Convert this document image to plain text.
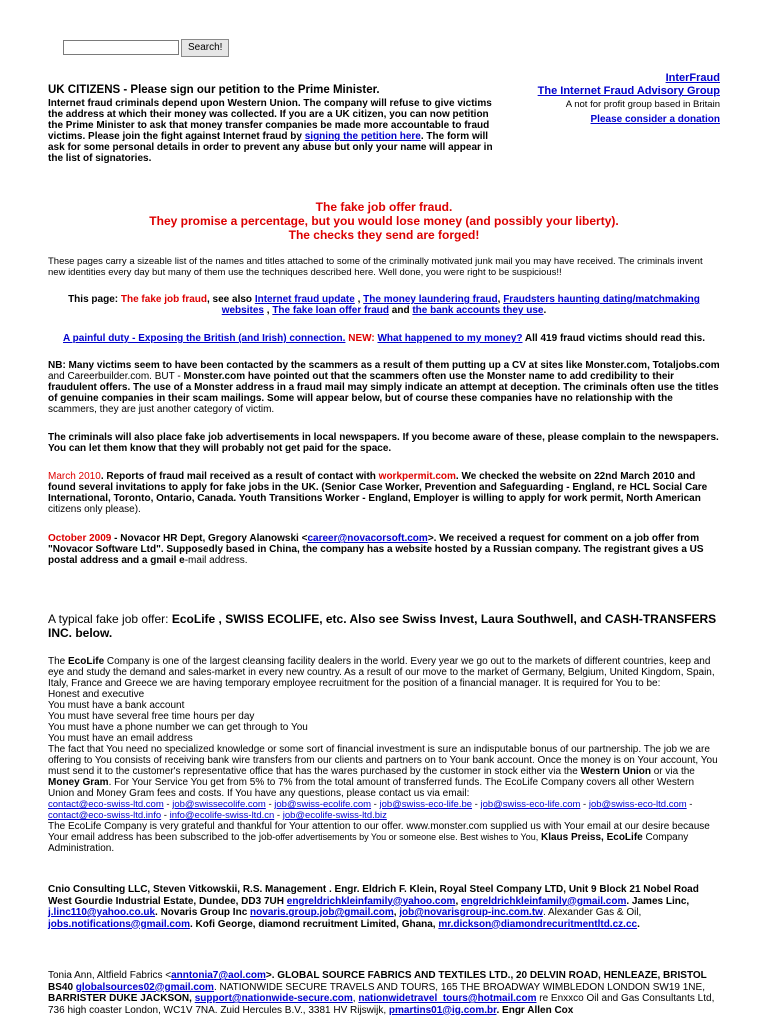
Search!
UK CITIZENS - Please sign our petition to the Prime Minister.
Internet fraud criminals depend upon Western Union. The company will refuse to give victims the address at which their money was collected. If you are a UK citizen, you can now petition the Prime Minister to ask that money transfer companies be made more accountable to fraud victims. Please join the fight against Internet fraud by signing the petition here. The form will ask for some personal details in order to prevent any abuse but only your name will appear in the list of signatories.
InterFraud
The Internet Fraud Advisory Group
A not for profit group based in Britain
Please consider a donation
The fake job offer fraud.
They promise a percentage, but you would lose money (and possibly your liberty).
The checks they send are forged!
These pages carry a sizeable list of the names and titles attached to some of the criminally motivated junk mail you may have received. The criminals invent new identities every day but many of them use the techniques described here. Well done, you were right to be suspicious!!
This page: The fake job fraud, see also Internet fraud update , The money laundering fraud, Fraudsters haunting dating/matchmaking websites , The fake loan offer fraud and the bank accounts they use.
A painful duty - Exposing the British (and Irish) connection. NEW: What happened to my money? All 419 fraud victims should read this.
NB: Many victims seem to have been contacted by the scammers as a result of them putting up a CV at sites like Monster.com, Totaljobs.com and Careerbuilder.com. BUT - Monster.com have pointed out that the scammers often use the Monster name to add credibility to their fraudulent offers. The use of a Monster address in a fraud mail may simply indicate an attempt at deception. The criminals often use the titles of genuine companies in their scam mailings. Some will appear below, but of course these companies have no relationship with the scammers, they are just another category of victim.
The criminals will also place fake job advertisements in local newspapers. If you become aware of these, please complain to the newspapers. You can let them know that they will probably not get paid for the space.
March 2010. Reports of fraud mail received as a result of contact with workpermit.com. We checked the website on 22nd March 2010 and found several invitations to apply for fake jobs in the UK. (Senior Case Worker, Prevention and Safeguarding - England, re HCL Social Care International, Toronto, Ontario, Canada. Youth Transitions Worker - England, Employer is willing to apply for work permit, North American citizens only please).
October 2009 - Novacor HR Dept, Gregory Alanowski <career@novacorsoft.com>. We received a request for comment on a job offer from "Novacor Software Ltd". Supposedly based in China, the company has a website hosted by a Russian company. The registrant gives a US postal address and a gmail e-mail address.
A typical fake job offer: EcoLife , SWISS ECOLIFE, etc. Also see Swiss Invest, Laura Southwell, and CASH-TRANSFERS INC. below.
The EcoLife Company is one of the largest cleansing facility dealers in the world. Every year we go out to the markets of different countries, keep and eye and study the demand and sales-market in every new country. As a result of our move to the market of Germany, Belgium, United Kingdom, Spain, Italy, France and Greece we are having temporary employee recruitment for the position of a financial manager. It is required for You to be:
Honest and executive
You must have a bank account
You must have several free time hours per day
You must have a phone number we can get through to You
You must have an email address
The fact that You need no specialized knowledge or some sort of financial investment is sure an indisputable bonus of our partnership. The job we are offering to You consists of receiving bank wire transfers from our clients and partners on to Your bank account. Once the money is on Your account, You must send it to the customer's representative office that has the wares purchased by the customer in stock either via the Western Union or via the Money Gram. For Your Service You get from 5% to 7% from the total amount of transferred funds. The EcoLife Company covers all other Western Union and Money Gram fees and costs. If You have any questions, please contact us via email:
contact@eco-swiss-ltd.com - job@swissecolife.com - job@swiss-ecolife.com - job@swiss-eco-life.be - job@swiss-eco-life.com - job@swiss-eco-ltd.com - contact@eco-swiss-ltd.info - info@ecolife-swiss-ltd.cn - job@ecolife-swiss-ltd.biz
The EcoLife Company is very grateful and thankful for Your attention to our offer. www.monster.com supplied us with Your email at our desire because Your email address has been subscribed to the job-offer advertisements by You or someone else. Best wishes to You, Klaus Preiss, EcoLife Company Administration.
Cnio Consulting LLC, Steven Vitkowskii, R.S. Management . Engr. Eldrich F. Klein, Royal Steel Company LTD, Unit 9 Block 21 Nobel Road West Gourdie Industrial Estate, Dundee, DD3 7UH engreldrichkleinfamily@yahoo.com, engreldrichkleinfamily@gmail.com. James Linc, j.linc110@yahoo.co.uk. Novaris Group Inc novaris.group.job@gmail.com, job@novarisgroup-inc.com.tw. Alexander Gas & Oil, jobs.notifications@gmail.com. Kofi George, diamond recruitment Limited, Ghana, mr.dickson@diamondrecuritmentltd.cz.cc.
Tonia Ann, Altfield Fabrics <anntonia7@aol.com>. GLOBAL SOURCE FABRICS AND TEXTILES LTD., 20 DELVIN ROAD, HENLEAZE, BRISTOL BS40 globalsources02@gmail.com. NATIONWIDE SECURE TRAVELS AND TOURS, 165 THE BROADWAY WIMBLEDON LONDON SW19 1NE, BARRISTER DUKE JACKSON, support@nationwide-secure.com, nationwidetravel_tours@hotmail.com re Enxxco Oil and Gas Consultants Ltd, 736 high coaster London, WC1V 7NA. Zuid Hercules B.V., 3381 HV Rijswijk, pmartins01@ig.com.br. Engr Allen Cox
